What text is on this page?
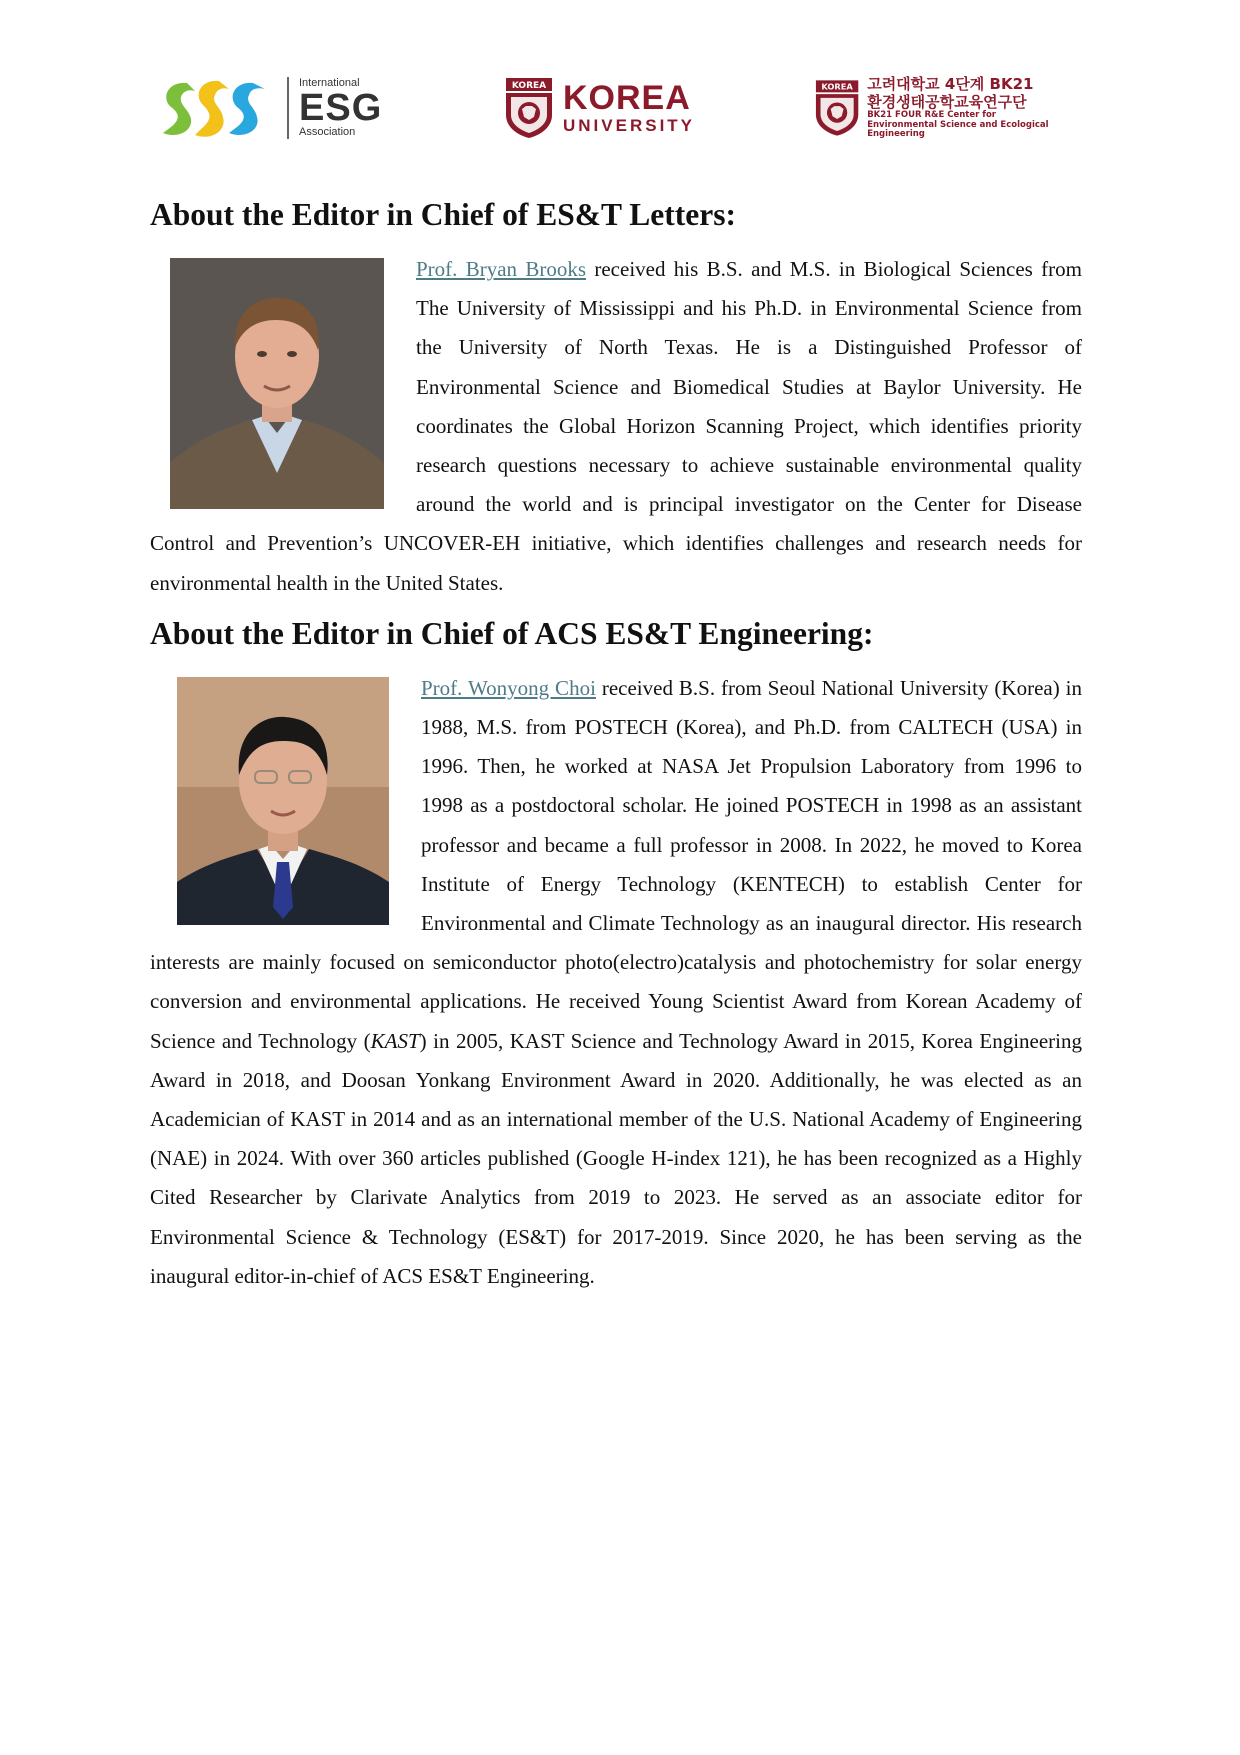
International
ESG
Association
KOREA KOREA
UNIVERSITY
KOREA 고려대학교 4단계 BK21
환경생태공학교육연구단
BK21 FOUR R&E Center for
Environmental Science and Ecological Engineering
About the Editor in Chief of ES&T Letters:
Prof. Bryan Brooks received his B.S. and M.S. in Biological Sciences from The University of Mississippi and his Ph.D. in Environmental Science from the University of North Texas. He is a Distinguished Professor of Environmental Science and Biomedical Studies at Baylor University. He coordinates the Global Horizon Scanning Project, which identifies priority research questions necessary to achieve sustainable environmental quality around the world and is principal investigator on the Center for Disease Control and Prevention’s UNCOVER-EH initiative, which identifies challenges and research needs for environmental health in the United States.
About the Editor in Chief of ACS ES&T Engineering:
Prof. Wonyong Choi received B.S. from Seoul National University (Korea) in 1988, M.S. from POSTECH (Korea), and Ph.D. from CALTECH (USA) in 1996. Then, he worked at NASA Jet Propulsion Laboratory from 1996 to 1998 as a postdoctoral scholar. He joined POSTECH in 1998 as an assistant professor and became a full professor in 2008. In 2022, he moved to Korea Institute of Energy Technology (KENTECH) to establish Center for Environmental and Climate Technology as an inaugural director. His research interests are mainly focused on semiconductor photo(electro)catalysis and photochemistry for solar energy conversion and environmental applications. He received Young Scientist Award from Korean Academy of Science and Technology (KAST) in 2005, KAST Science and Technology Award in 2015, Korea Engineering Award in 2018, and Doosan Yonkang Environment Award in 2020. Additionally, he was elected as an Academician of KAST in 2014 and as an international member of the U.S. National Academy of Engineering (NAE) in 2024. With over 360 articles published (Google H-index 121), he has been recognized as a Highly Cited Researcher by Clarivate Analytics from 2019 to 2023. He served as an associate editor for Environmental Science & Technology (ES&T) for 2017-2019. Since 2020, he has been serving as the inaugural editor-in-chief of ACS ES&T Engineering.
